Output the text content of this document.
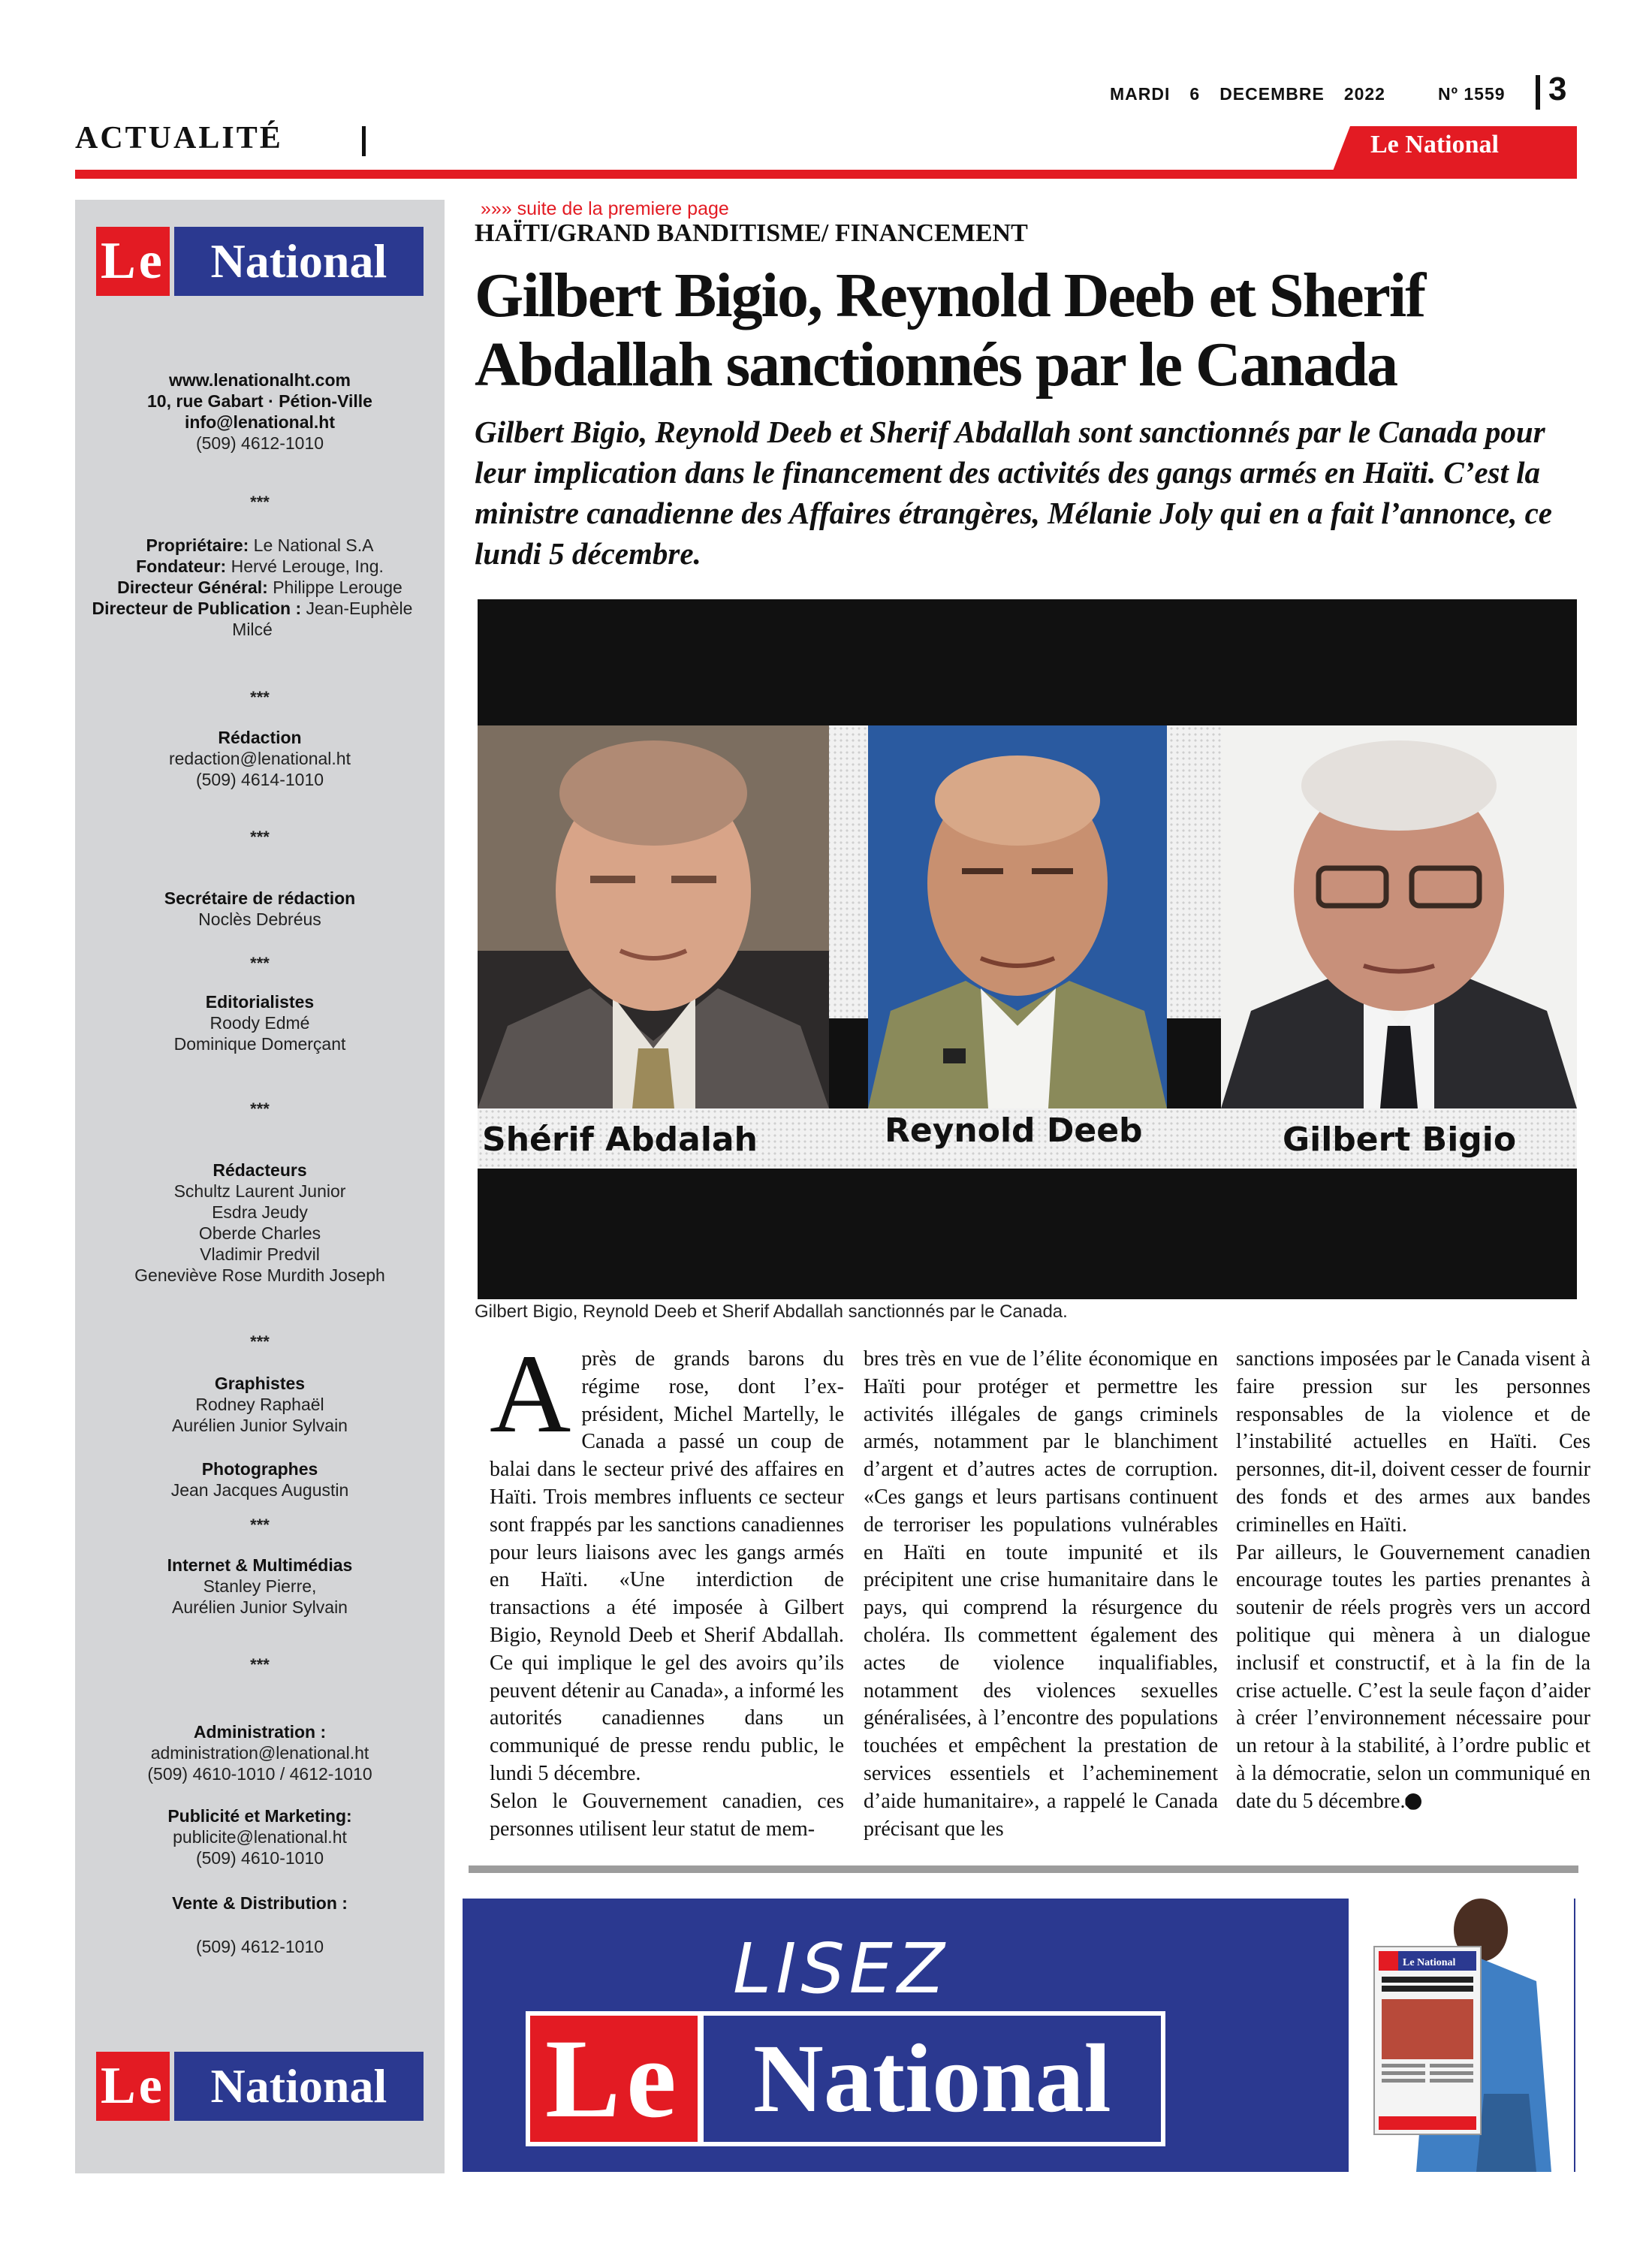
MARDI 6 DECEMBRE 2022	Nº 1559	3
ACTUALITÉ	Le National
Le National
www.lenationalht.com
10, rue Gabart · Pétion-Ville
info@lenational.ht
(509) 4612-1010
***
Propriétaire: Le National S.A
Fondateur: Hervé Lerouge, Ing.
Directeur Général: Philippe Lerouge
Directeur de Publication : Jean-Euphèle Milcé
***
Rédaction
redaction@lenational.ht
(509) 4614-1010
***
Secrétaire de rédaction
Noclès Debréus
***
Editorialistes
Roody Edmé
Dominique Domerçant
***
Rédacteurs
Schultz Laurent Junior
Esdra Jeudy
Oberde Charles
Vladimir Predvil
Geneviève Rose Murdith Joseph
***
Graphistes
Rodney Raphaël
Aurélien Junior Sylvain
Photographes
Jean Jacques Augustin
***
Internet & Multimédias
Stanley Pierre,
Aurélien Junior Sylvain
***
Administration :
administration@lenational.ht
(509) 4610-1010 / 4612-1010
Publicité et Marketing:
publicite@lenational.ht
(509) 4610-1010
Vente & Distribution :
(509) 4612-1010
Le National
»»» suite de la premiere page
HAÏTI/GRAND BANDITISME/ FINANCEMENT
Gilbert Bigio, Reynold Deeb et Sherif Abdallah sanctionnés par le Canada

Gilbert Bigio, Reynold Deeb et Sherif Abdallah sont sanctionnés par le Canada pour leur implication dans le financement des activités des gangs armés en Haïti. C’est la ministre canadienne des Affaires étrangères, Mélanie Joly qui en a fait l’annonce, ce lundi 5 décembre.

Shérif Abdalah	Reynold Deeb	Gilbert Bigio
Gilbert Bigio, Reynold Deeb et Sherif Abdallah sanctionnés par le Canada.
A près de grands barons du régime rose, dont l’ex-président, Michel Martelly, le Canada a passé un coup de balai dans le secteur privé des affaires en Haïti. Trois membres influents ce secteur sont frappés par les sanctions canadiennes pour leurs liaisons avec les gangs armés en Haïti. «Une interdiction de transactions a été imposée à Gilbert Bigio, Reynold Deeb et Sherif Abdallah. Ce qui implique le gel des avoirs qu’ils peuvent détenir au Canada», a informé les autorités canadiennes dans un communiqué de presse rendu public, le lundi 5 décembre.

Selon le Gouvernement canadien, ces personnes utilisent leur statut de mem-

bres très en vue de l’élite économique en Haïti pour protéger et permettre les activités illégales de gangs criminels armés, notamment par le blanchiment d’argent et d’autres actes de corruption. «Ces gangs et leurs partisans continuent de terroriser les populations vulnérables en Haïti en toute impunité et ils précipitent une crise humanitaire dans le pays, qui comprend la résurgence du choléra. Ils commettent également des actes de violence inqualifiables, notamment des violences sexuelles généralisées, à l’encontre des populations touchées et empêchent la prestation de services essentiels et l’acheminement d’aide humanitaire», a rappelé le Canada précisant que les

sanctions imposées par le Canada visent à faire pression sur les personnes responsables de la violence et de l’instabilité actuelles en Haïti. Ces personnes, dit-il, doivent cesser de fournir des fonds et des armes aux bandes criminelles en Haïti.

Par ailleurs, le Gouvernement canadien encourage toutes les parties prenantes à soutenir de réels progrès vers un accord politique qui mènera à un dialogue inclusif et constructif, et à la fin de la crise actuelle. C’est la seule façon d’aider à créer l’environnement nécessaire pour un retour à la stabilité, à l’ordre public et à la démocratie, selon un communiqué en date du 5 décembre.

LISEZ
Le National
Le National
